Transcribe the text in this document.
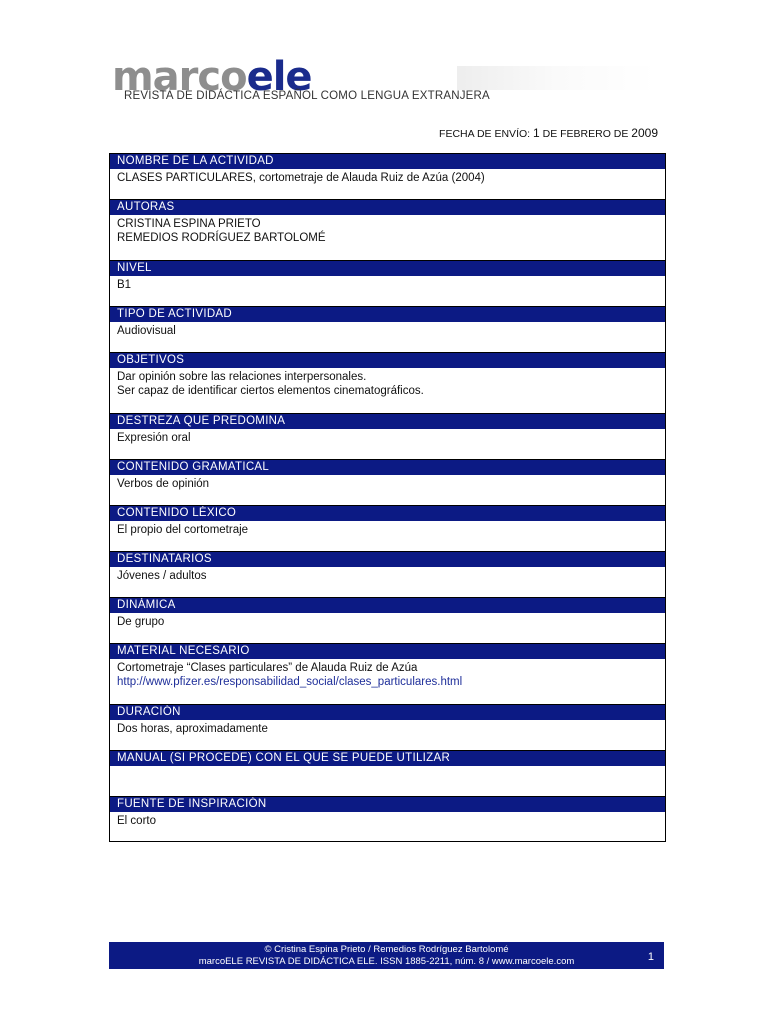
marcoele
REVISTA DE DIDÁCTICA ESPAÑOL COMO LENGUA EXTRANJERA
FECHA DE ENVÍO: 1 DE FEBRERO DE 2009
NOMBRE DE LA ACTIVIDAD
CLASES PARTICULARES, cortometraje de Alauda Ruiz de Azúa (2004)
AUTORAS
CRISTINA ESPINA PRIETO
REMEDIOS RODRÍGUEZ BARTOLOMÉ
NIVEL
B1
TIPO DE ACTIVIDAD
Audiovisual
OBJETIVOS
Dar opinión sobre las relaciones interpersonales.
Ser capaz de identificar ciertos elementos cinematográficos.
DESTREZA QUE PREDOMINA
Expresión oral
CONTENIDO GRAMATICAL
Verbos de opinión
CONTENIDO LÉXICO
El propio del cortometraje
DESTINATARIOS
Jóvenes / adultos
DINÁMICA
De grupo
MATERIAL NECESARIO
Cortometraje “Clases particulares” de Alauda Ruiz de Azúa
http://www.pfizer.es/responsabilidad_social/clases_particulares.html
DURACIÓN
Dos horas, aproximadamente
MANUAL (SI PROCEDE) CON EL QUE SE PUEDE UTILIZAR
FUENTE DE INSPIRACIÓN
El corto
© Cristina Espina Prieto / Remedios Rodríguez Bartolomé
marcoELE REVISTA DE DIDÁCTICA ELE. ISSN 1885-2211, núm. 8 / www.marcoele.com	1
